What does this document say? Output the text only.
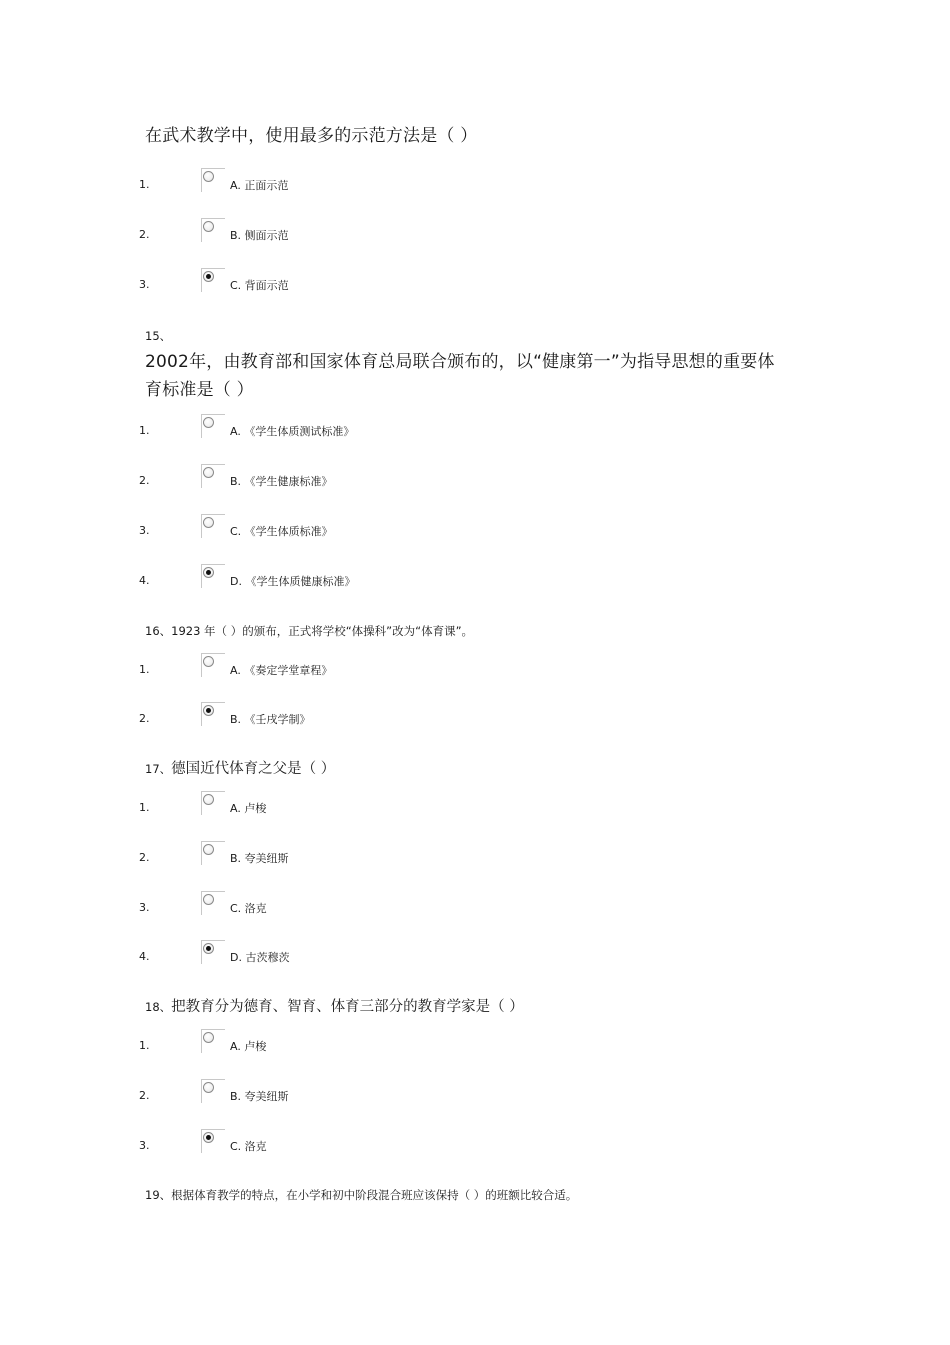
在武术教学中，使用最多的示范方法是（ ）
1.	A. 正面示范
2.	B. 侧面示范
3.	C. 背面示范
15、
2002年，由教育部和国家体育总局联合颁布的，以“健康第一”为指导思想的重要体
育标准是（ ）
1.	A. 《学生体质测试标准》
2.	B. 《学生健康标准》
3.	C. 《学生体质标准》
4.	D. 《学生体质健康标准》
16、1923 年（ ）的颁布，正式将学校“体操科”改为“体育课”。
1.	A. 《奏定学堂章程》
2.	B. 《壬戌学制》
17、德国近代体育之父是（ ）
1.	A. 卢梭
2.	B. 夸美纽斯
3.	C. 洛克
4.	D. 古茨穆茨
18、把教育分为德育、智育、体育三部分的教育学家是（ ）
1.	A. 卢梭
2.	B. 夸美纽斯
3.	C. 洛克
19、根据体育教学的特点，在小学和初中阶段混合班应该保持（ ）的班额比较合适。
